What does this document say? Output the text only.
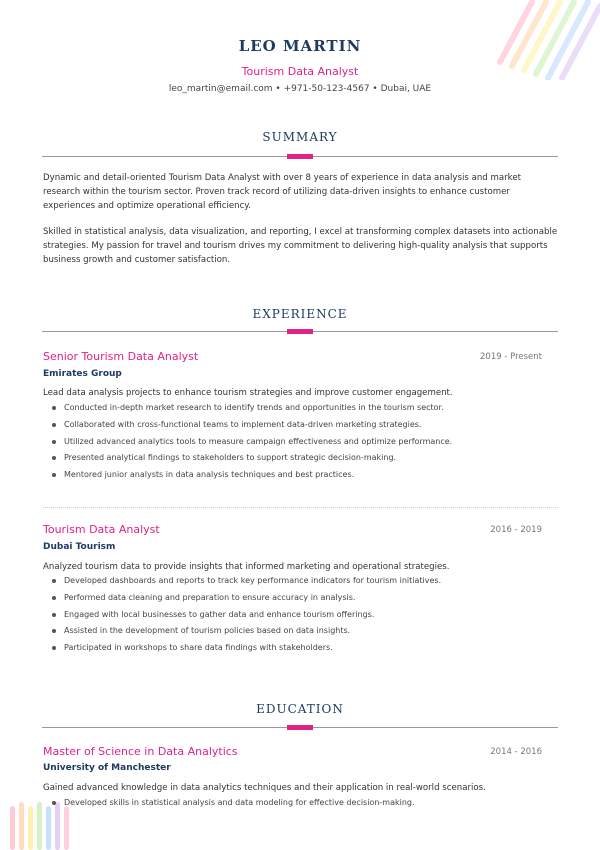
LEO MARTIN
Tourism Data Analyst
leo_martin@email.com • +971-50-123-4567 • Dubai, UAE
SUMMARY
Dynamic and detail-oriented Tourism Data Analyst with over 8 years of experience in data analysis and market research within the tourism sector. Proven track record of utilizing data-driven insights to enhance customer experiences and optimize operational efficiency.
Skilled in statistical analysis, data visualization, and reporting, I excel at transforming complex datasets into actionable strategies. My passion for travel and tourism drives my commitment to delivering high-quality analysis that supports business growth and customer satisfaction.
EXPERIENCE
Senior Tourism Data Analyst	2019 - Present
Emirates Group
Lead data analysis projects to enhance tourism strategies and improve customer engagement.
Conducted in-depth market research to identify trends and opportunities in the tourism sector.
Collaborated with cross-functional teams to implement data-driven marketing strategies.
Utilized advanced analytics tools to measure campaign effectiveness and optimize performance.
Presented analytical findings to stakeholders to support strategic decision-making.
Mentored junior analysts in data analysis techniques and best practices.
Tourism Data Analyst	2016 - 2019
Dubai Tourism
Analyzed tourism data to provide insights that informed marketing and operational strategies.
Developed dashboards and reports to track key performance indicators for tourism initiatives.
Performed data cleaning and preparation to ensure accuracy in analysis.
Engaged with local businesses to gather data and enhance tourism offerings.
Assisted in the development of tourism policies based on data insights.
Participated in workshops to share data findings with stakeholders.
EDUCATION
Master of Science in Data Analytics	2014 - 2016
University of Manchester
Gained advanced knowledge in data analytics techniques and their application in real-world scenarios.
Developed skills in statistical analysis and data modeling for effective decision-making.
